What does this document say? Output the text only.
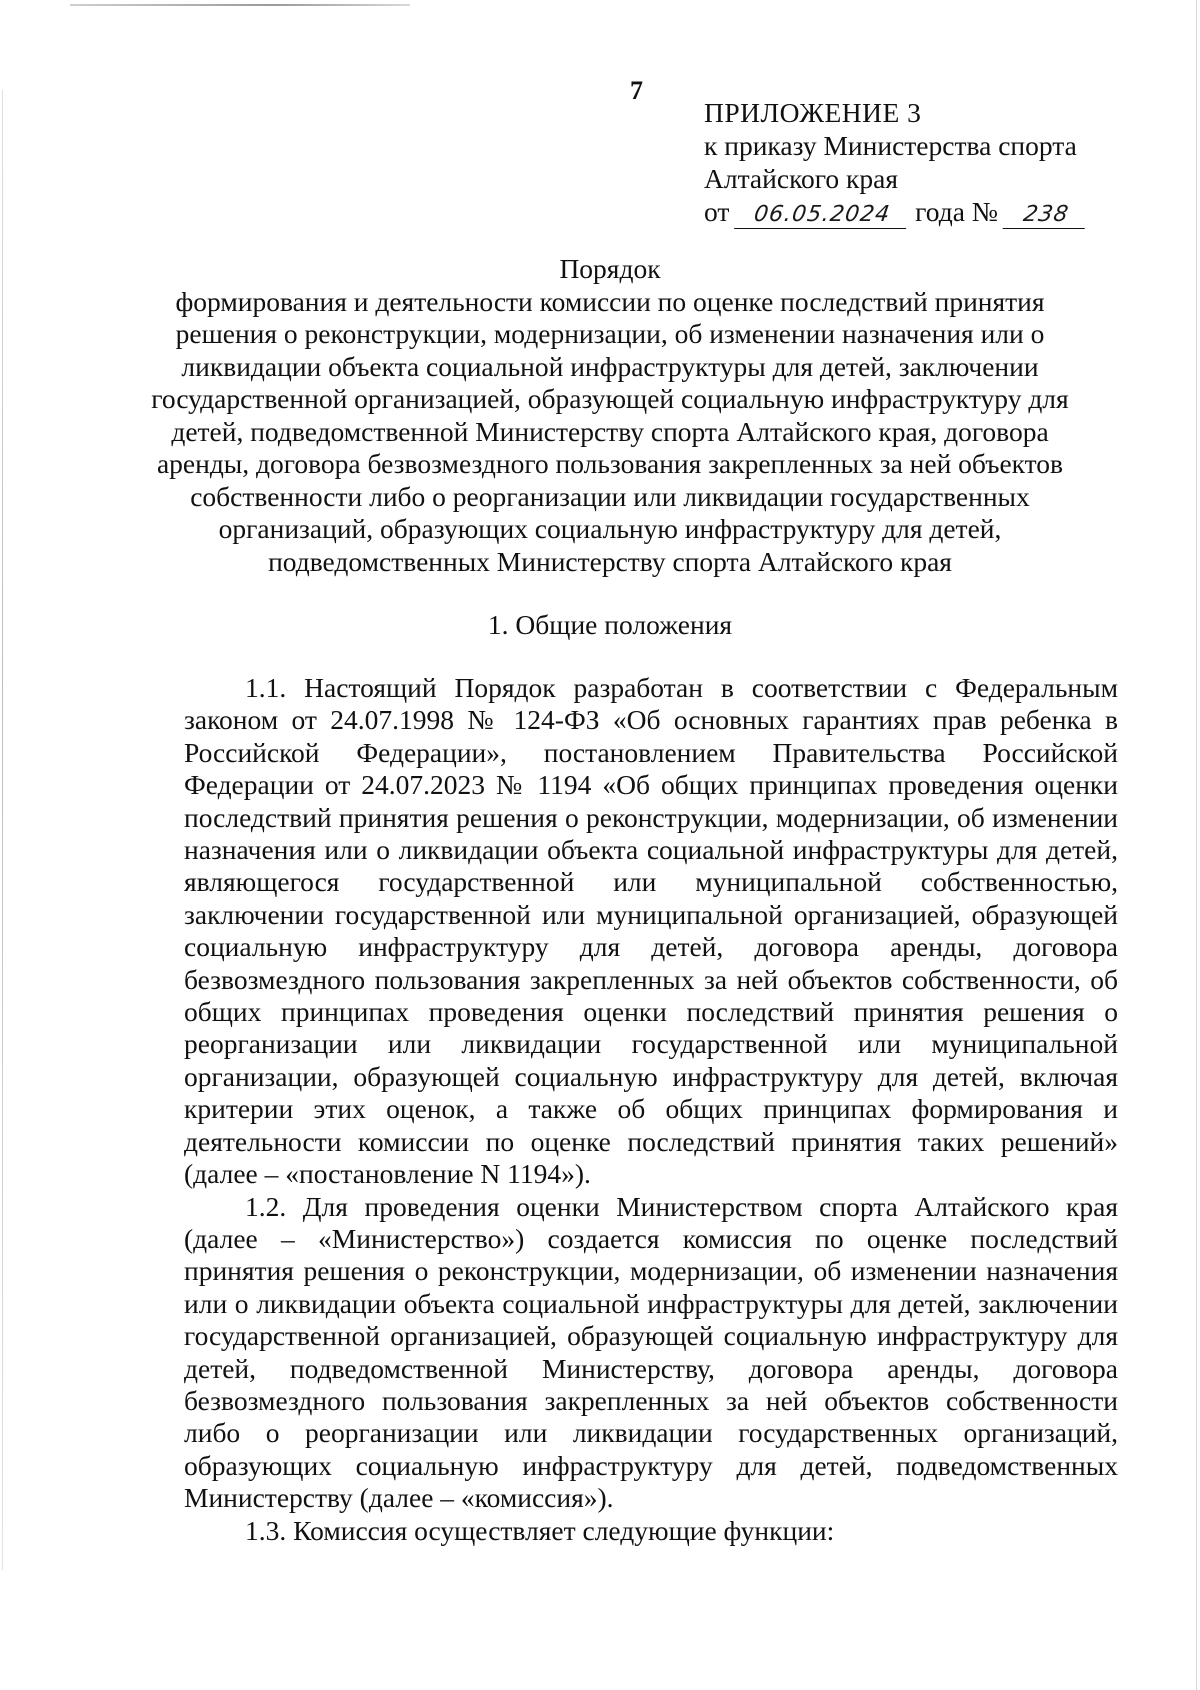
7
ПРИЛОЖЕНИЕ 3
к приказу Министерства спорта
Алтайского края
от 06.05.2024 года № 238
Порядок
формирования и деятельности комиссии по оценке последствий принятия решения о реконструкции, модернизации, об изменении назначения или о ликвидации объекта социальной инфраструктуры для детей, заключении государственной организацией, образующей социальную инфраструктуру для детей, подведомственной Министерству спорта Алтайского края, договора аренды, договора безвозмездного пользования закрепленных за ней объектов собственности либо о реорганизации или ликвидации государственных организаций, образующих социальную инфраструктуру для детей, подведомственных Министерству спорта Алтайского края
1. Общие положения

1.1. Настоящий Порядок разработан в соответствии с Федеральным законом от 24.07.1998 № 124-ФЗ «Об основных гарантиях прав ребенка в Российской Федерации», постановлением Правительства Российской Федерации от 24.07.2023 № 1194 «Об общих принципах проведения оценки последствий принятия решения о реконструкции, модернизации, об изменении назначения или о ликвидации объекта социальной инфраструктуры для детей, являющегося государственной или муниципальной собственностью, заключении государственной или муниципальной организацией, образующей социальную инфраструктуру для детей, договора аренды, договора безвозмездного пользования закрепленных за ней объектов собственности, об общих принципах проведения оценки последствий принятия решения о реорганизации или ликвидации государственной или муниципальной организации, образующей социальную инфраструктуру для детей, включая критерии этих оценок, а также об общих принципах формирования и деятельности комиссии по оценке последствий принятия таких решений» (далее – «постановление N 1194»).

1.2. Для проведения оценки Министерством спорта Алтайского края (далее – «Министерство») создается комиссия по оценке последствий принятия решения о реконструкции, модернизации, об изменении назначения или о ликвидации объекта социальной инфраструктуры для детей, заключении государственной организацией, образующей социальную инфраструктуру для детей, подведомственной Министерству, договора аренды, договора безвозмездного пользования закрепленных за ней объектов собственности либо о реорганизации или ликвидации государственных организаций, образующих социальную инфраструктуру для детей, подведомственных Министерству (далее – «комиссия»).

1.3. Комиссия осуществляет следующие функции:
